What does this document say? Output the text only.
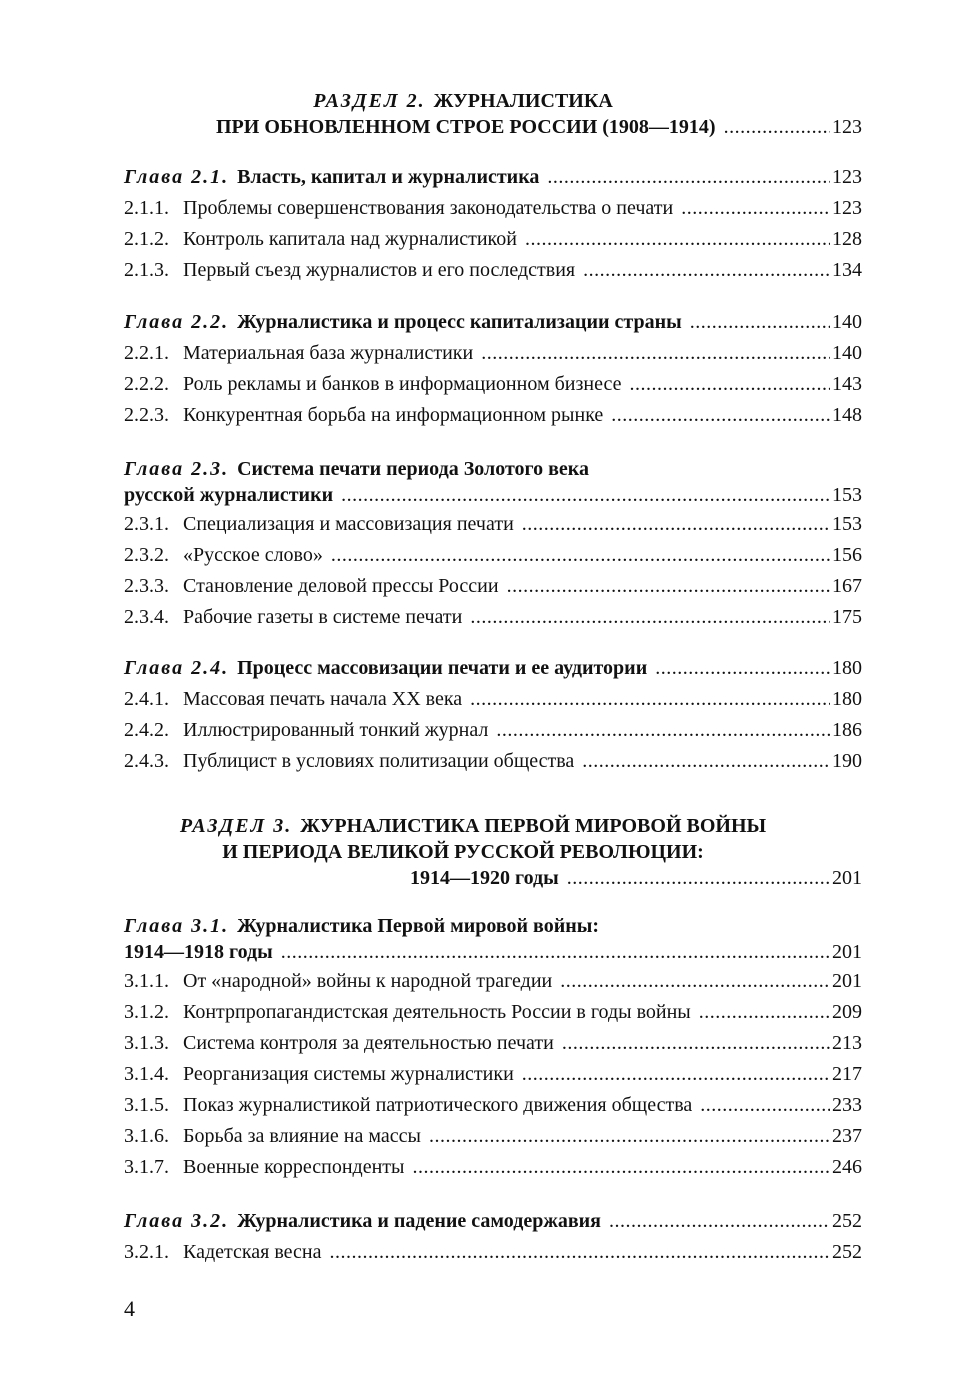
РАЗДЕЛ 2. ЖУРНАЛИСТИКА
ПРИ ОБНОВЛЕННОМ СТРОЕ РОССИИ (1908—1914) .....	123
Глава 2.1. Власть, капитал и журналистика .....	123
2.1.1. Проблемы совершенствования законодательства о печати .....	123
2.1.2. Контроль капитала над журналистикой .....	128
2.1.3. Первый съезд журналистов и его последствия .....	134
Глава 2.2. Журналистика и процесс капитализации страны .....	140
2.2.1. Материальная база журналистики .....	140
2.2.2. Роль рекламы и банков в информационном бизнесе .....	143
2.2.3. Конкурентная борьба на информационном рынке .....	148
Глава 2.3. Система печати периода Золотого века
русской журналистики .....	153
2.3.1. Специализация и массовизация печати .....	153
2.3.2. «Русское слово» .....	156
2.3.3. Становление деловой прессы России .....	167
2.3.4. Рабочие газеты в системе печати .....	175
Глава 2.4. Процесс массовизации печати и ее аудитории .....	180
2.4.1. Массовая печать начала XX века .....	180
2.4.2. Иллюстрированный тонкий журнал .....	186
2.4.3. Публицист в условиях политизации общества .....	190
РАЗДЕЛ 3. ЖУРНАЛИСТИКА ПЕРВОЙ МИРОВОЙ ВОЙНЫ
И ПЕРИОДА ВЕЛИКОЙ РУССКОЙ РЕВОЛЮЦИИ:
1914—1920 годы .....	201
Глава 3.1. Журналистика Первой мировой войны:
1914—1918 годы .....	201
3.1.1. От «народной» войны к народной трагедии .....	201
3.1.2. Контрпропагандистская деятельность России в годы войны .....	209
3.1.3. Система контроля за деятельностью печати .....	213
3.1.4. Реорганизация системы журналистики .....	217
3.1.5. Показ журналистикой патриотического движения общества .....	233
3.1.6. Борьба за влияние на массы .....	237
3.1.7. Военные корреспонденты .....	246
Глава 3.2. Журналистика и падение самодержавия .....	252
3.2.1. Кадетская весна .....	252
4
